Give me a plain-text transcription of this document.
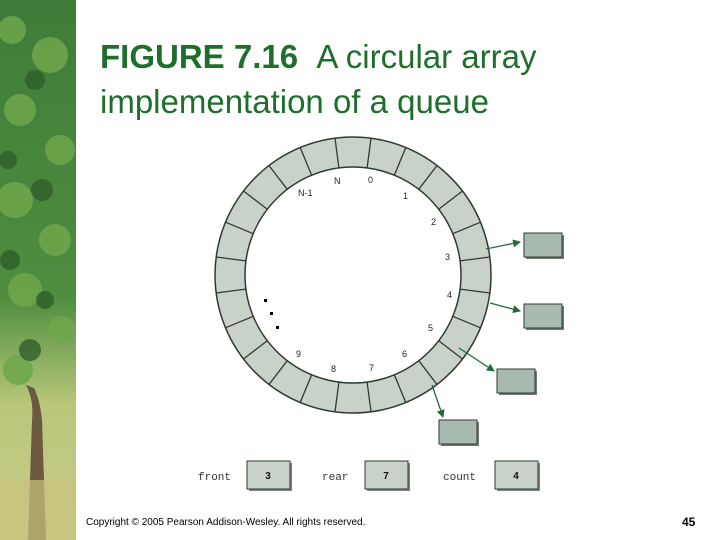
FIGURE 7.16 A circular array implementation of a queue
N	0
1
2
3
4
5
6
7
8
9
N-1
front	rear	count
3	7	4
Copyright © 2005 Pearson Addison-Wesley. All rights reserved.	45
